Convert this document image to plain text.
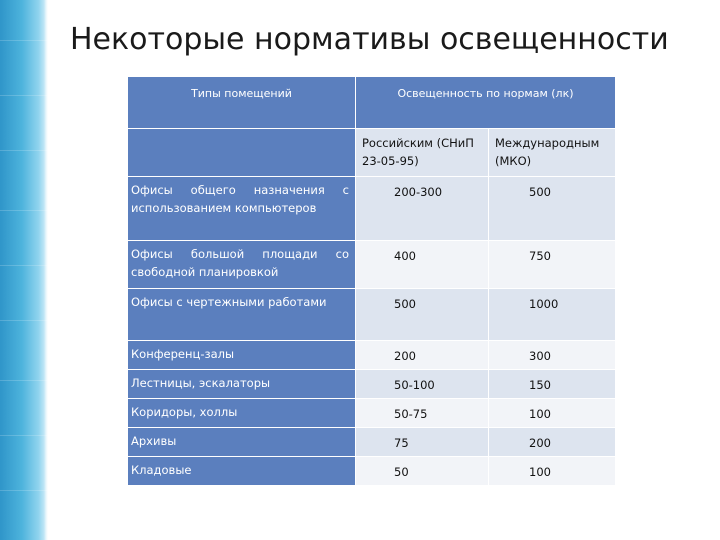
Некоторые нормативы освещенности
Типы помещений	Освещенность по нормам (лк)	
	Российским (СНиП 23-05-95)	Международным (МКО)
Офисы общего назначения с использованием компьютеров	200-300	500
Офисы большой площади со свободной планировкой	400	750
Офисы с чертежными работами	500	1000
Конференц-залы	200	300
Лестницы, эскалаторы	50-100	150
Коридоры, холлы	50-75	100
Архивы	75	200
Кладовые	50	100
